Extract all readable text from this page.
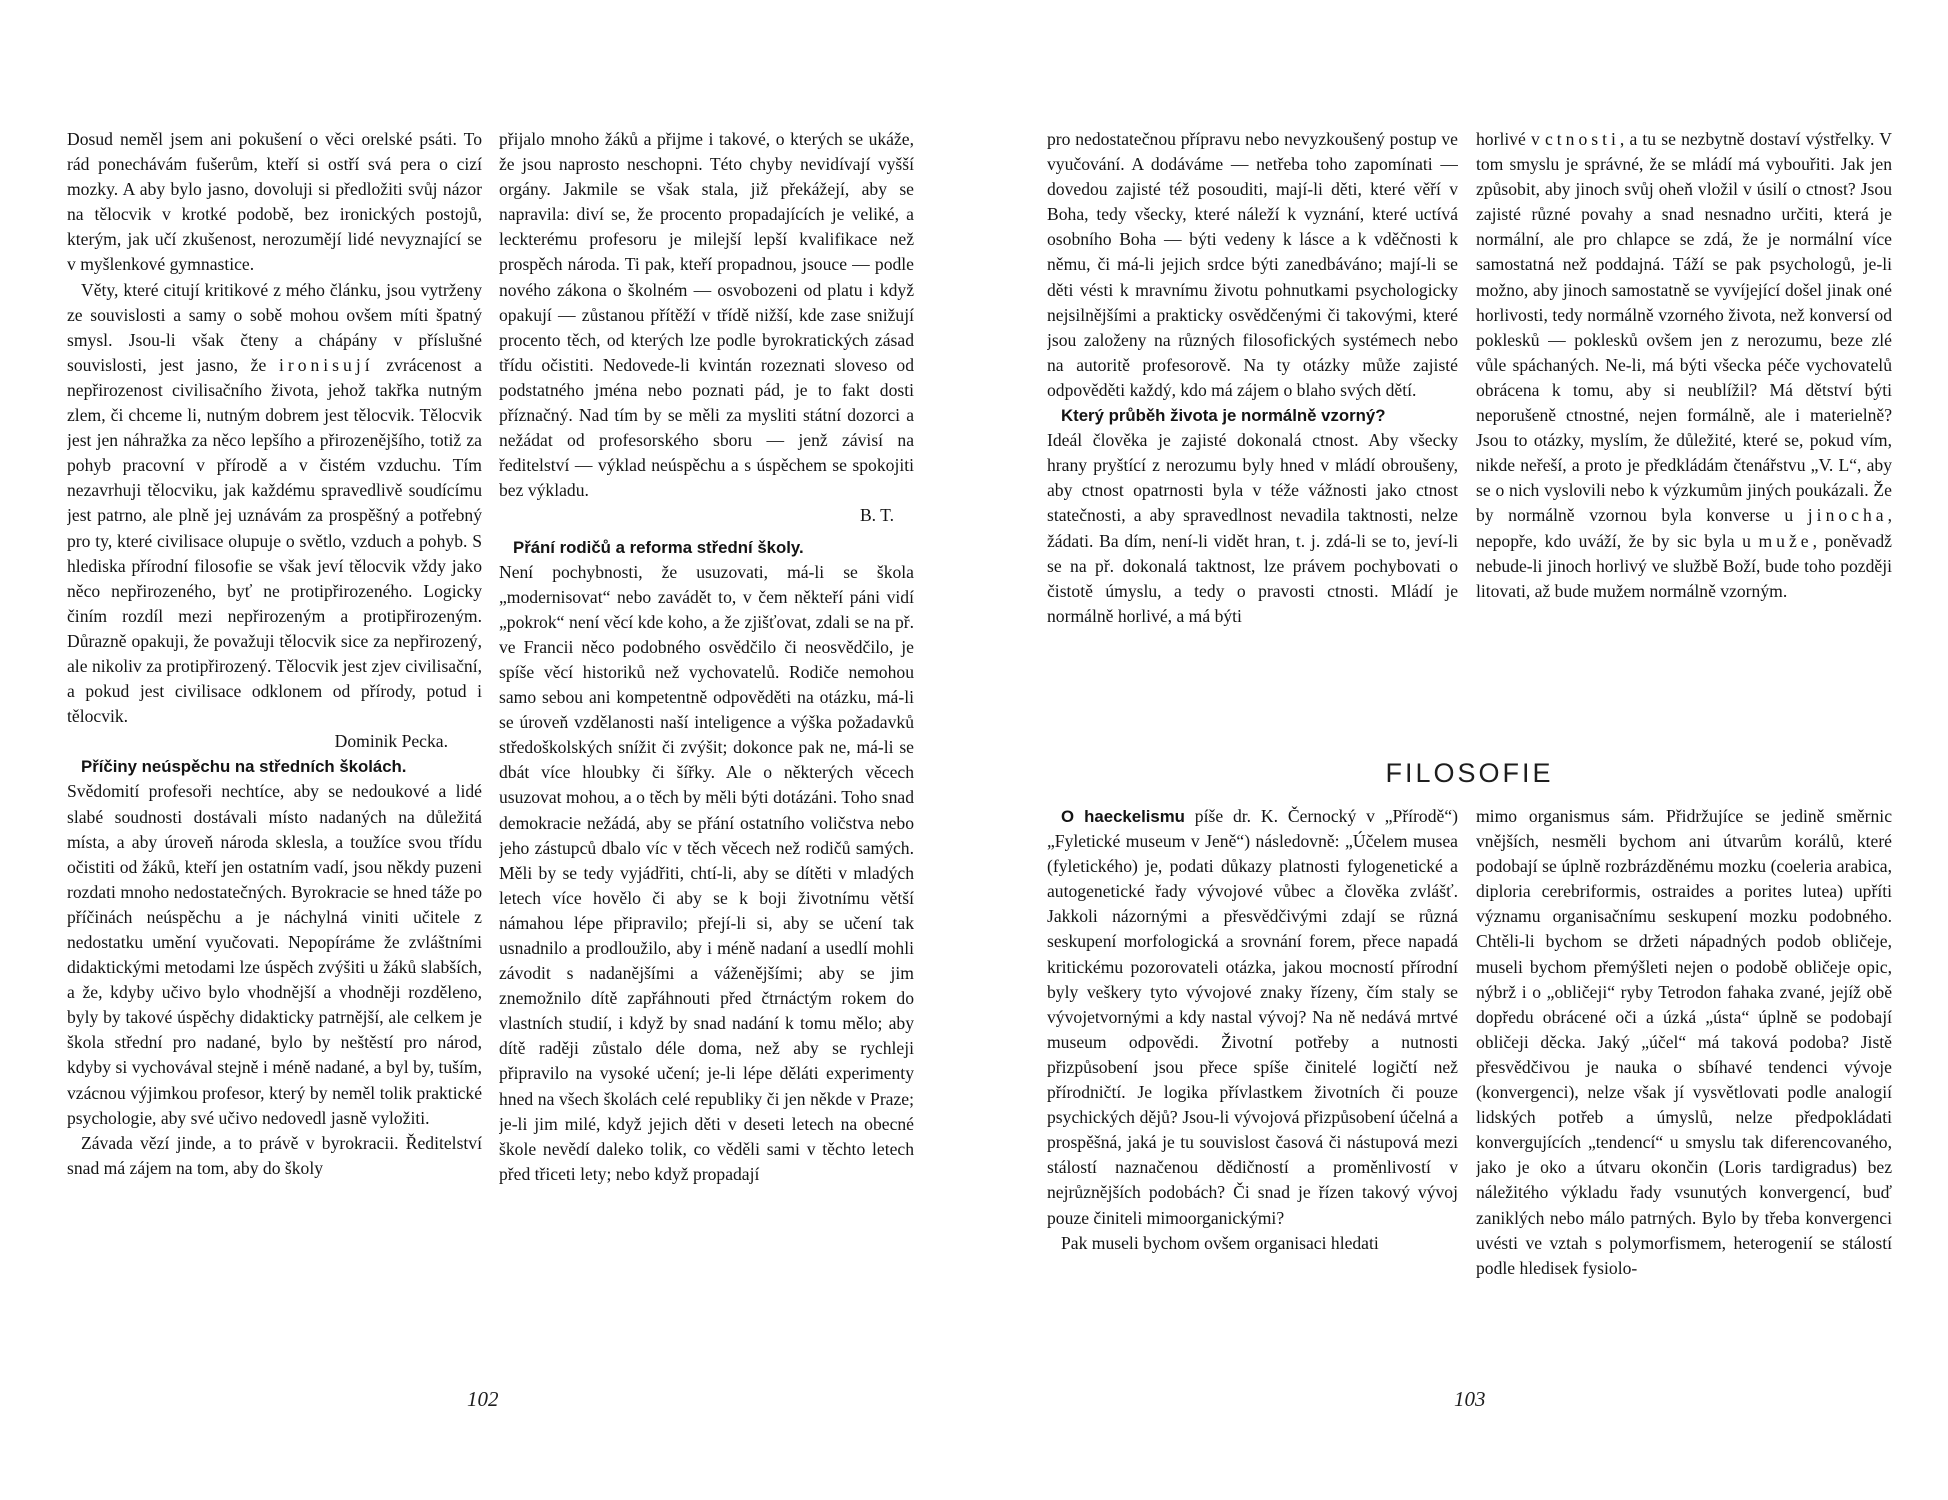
Dosud neměl jsem ani pokušení o věci orelské psáti. To rád ponechávám fušerům, kteří si ostří svá pera o cizí mozky. A aby bylo jasno, dovoluji si předložiti svůj názor na tělocvik v krotké podobě, bez ironických postojů, kterým, jak učí zkušenost, nerozumějí lidé nevyznající se v myšlenkové gymnastice.

Věty, které citují kritikové z mého článku, jsou vytrženy ze souvislosti a samy o sobě mohou ovšem míti špatný smysl. Jsou-li však čteny a chápány v příslušné souvislosti, jest jasno, že ironisují zvrácenost a nepřirozenost civilisačního života, jehož takřka nutným zlem, či chceme li, nutným dobrem jest tělocvik. Tělocvik jest jen náhražka za něco lepšího a přirozenějšího, totiž za pohyb pracovní v přírodě a v čistém vzduchu. Tím nezavrhuji tělocviku, jak každému spravedlivě soudícímu jest patrno, ale plně jej uznávám za prospěšný a potřebný pro ty, které civilisace olupuje o světlo, vzduch a pohyb. S hlediska přírodní filosofie se však jeví tělocvik vždy jako něco nepřirozeného, byť ne protipřirozeného. Logicky činím rozdíl mezi nepřirozeným a protipřirozeným. Důrazně opakuji, že považuji tělocvik sice za nepřirozený, ale nikoliv za protipřirozený. Tělocvik jest zjev civilisační, a pokud jest civilisace odklonem od přírody, potud i tělocvik.

Dominik Pecka.

Příčiny neúspěchu na středních školách.

Svědomití profesoři nechtíce, aby se nedoukové a lidé slabé soudnosti dostávali místo nadaných na důležitá místa, a aby úroveň národa sklesla, a toužíce svou třídu očistiti od žáků, kteří jen ostatním vadí, jsou někdy puzeni rozdati mnoho nedostatečných. Byrokracie se hned táže po příčinách neúspěchu a je náchylná viniti učitele z nedostatku umění vyučovati. Nepopíráme že zvláštními didaktickými metodami lze úspěch zvýšiti u žáků slabších, a že, kdyby učivo bylo vhodnější a vhodněji rozděleno, byly by takové úspěchy didakticky patrnější, ale celkem je škola střední pro nadané, bylo by neštěstí pro národ, kdyby si vychovával stejně i méně nadané, a byl by, tuším, vzácnou výjimkou profesor, který by neměl tolik praktické psychologie, aby své učivo nedovedl jasně vyložiti.

Závada vězí jinde, a to právě v byrokracii. Ředitelství snad má zájem na tom, aby do školy

přijalo mnoho žáků a přijme i takové, o kterých se ukáže, že jsou naprosto neschopni. Této chyby nevidívají vyšší orgány. Jakmile se však stala, již překážejí, aby se napravila: diví se, že procento propadajících je veliké, a leckterému profesoru je milejší lepší kvalifikace než prospěch národa. Ti pak, kteří propadnou, jsouce — podle nového zákona o školném — osvobozeni od platu i když opakují — zůstanou přítěží v třídě nižší, kde zase snižují procento těch, od kterých lze podle byrokratických zásad třídu očistiti. Nedovede-li kvintán rozeznati sloveso od podstatného jména nebo poznati pád, je to fakt dosti příznačný. Nad tím by se měli za mysliti státní dozorci a nežádat od profesorského sboru — jenž závisí na ředitelství — výklad neúspěchu a s úspěchem se spokojiti bez výkladu.

B. T.

Přání rodičů a reforma střední školy.

Není pochybnosti, že usuzovati, má-li se škola „modernisovat“ nebo zavádět to, v čem někteří páni vidí „pokrok“ není věcí kde koho, a že zjišťovat, zdali se na př. ve Francii něco podobného osvědčilo či neosvědčilo, je spíše věcí historiků než vychovatelů. Rodiče nemohou samo sebou ani kompetentně odpověděti na otázku, má-li se úroveň vzdělanosti naší inteligence a výška požadavků středoškolských snížit či zvýšit; dokonce pak ne, má-li se dbát více hloubky či šířky. Ale o některých věcech usuzovat mohou, a o těch by měli býti dotázáni. Toho snad demokracie nežádá, aby se přání ostatního voličstva nebo jeho zástupců dbalo víc v těch věcech než rodičů samých. Měli by se tedy vyjádřiti, chtí-li, aby se dítěti v mladých letech více hovělo či aby se k boji životnímu větší námahou lépe připravilo; přejí-li si, aby se učení tak usnadnilo a prodloužilo, aby i méně nadaní a usedlí mohli závodit s nadanějšími a váženějšími; aby se jim znemožnilo dítě zapřáhnouti před čtrnáctým rokem do vlastních studií, i když by snad nadání k tomu mělo; aby dítě raději zůstalo déle doma, než aby se rychleji připravilo na vysoké učení; je-li lépe děláti experimenty hned na všech školách celé republiky či jen někde v Praze; je-li jim milé, když jejich děti v deseti letech na obecné škole nevědí daleko tolik, co věděli sami v těchto letech před třiceti lety; nebo když propadají

102

pro nedostatečnou přípravu nebo nevyzkoušený postup ve vyučování. A dodáváme — netřeba toho zapomínati — dovedou zajisté též posouditi, mají-li děti, které věří v Boha, tedy všecky, které náleží k vyznání, které uctívá osobního Boha — býti vedeny k lásce a k vděčnosti k němu, či má-li jejich srdce býti zanedbáváno; mají-li se děti vésti k mravnímu životu pohnutkami psychologicky nejsilnějšími a prakticky osvědčenými či takovými, které jsou založeny na různých filosofických systémech nebo na autoritě profesorově. Na ty otázky může zajisté odpověděti každý, kdo má zájem o blaho svých dětí.

Který průběh života je normálně vzorný?

Ideál člověka je zajisté dokonalá ctnost. Aby všecky hrany pryštící z nerozumu byly hned v mládí obroušeny, aby ctnost opatrnosti byla v téže vážnosti jako ctnost statečnosti, a aby spravedlnost nevadila taktnosti, nelze žádati. Ba dím, není-li vidět hran, t. j. zdá-li se to, jeví-li se na př. dokonalá taktnost, lze právem pochybovati o čistotě úmyslu, a tedy o pravosti ctnosti. Mládí je normálně horlivé, a má býti

horlivé v ctnosti, a tu se nezbytně dostaví výstřelky. V tom smyslu je správné, že se mládí má vybouřiti. Jak jen způsobit, aby jinoch svůj oheň vložil v úsilí o ctnost? Jsou zajisté různé povahy a snad nesnadno určiti, která je normální, ale pro chlapce se zdá, že je normální více samostatná než poddajná. Táží se pak psychologů, je-li možno, aby jinoch samostatně se vyvíjející došel jinak oné horlivosti, tedy normálně vzorného života, než konversí od poklesků — poklesků ovšem jen z nerozumu, beze zlé vůle spáchaných. Ne-li, má býti všecka péče vychovatelů obrácena k tomu, aby si neublížil? Má dětství býti neporušeně ctnostné, nejen formálně, ale i materielně? Jsou to otázky, myslím, že důležité, které se, pokud vím, nikde neřeší, a proto je předkládám čtenářstvu „V. L“, aby se o nich vyslovili nebo k výzkumům jiných poukázali. Že by normálně vzornou byla konverse u jinocha, nepopře, kdo uváží, že by sic byla u muže, poněvadž nebude-li jinoch horlivý ve službě Boží, bude toho později litovati, až bude mužem normálně vzorným.

FILOSOFIE

O haeckelismu píše dr. K. Černocký v „Přírodě“) „Fyletické museum v Jeně“) následovně: „Účelem musea (fyletického) je, podati důkazy platnosti fylogenetické a autogenetické řady vývojové vůbec a člověka zvlášť. Jakkoli názornými a přesvědčivými zdají se různá seskupení morfologická a srovnání forem, přece napadá kritickému pozorovateli otázka, jakou mocností přírodní byly veškery tyto vývojové znaky řízeny, čím staly se vývojetvornými a kdy nastal vývoj? Na ně nedává mrtvé museum odpovědi. Životní potřeby a nutnosti přizpůsobení jsou přece spíše činitelé logičtí než přírodničtí. Je logika přívlastkem životních či pouze psychických dějů? Jsou-li vývojová přizpůsobení účelná a prospěšná, jaká je tu souvislost časová či nástupová mezi stálostí naznačenou dědičností a proměnlivostí v nejrůznějších podobách? Či snad je řízen takový vývoj pouze činiteli mimoorganickými?

Pak museli bychom ovšem organisaci hledati

mimo organismus sám. Přidržujíce se jedině směrnic vnějších, nesměli bychom ani útvarům korálů, které podobají se úplně rozbrázděnému mozku (coeleria arabica, diploria cerebriformis, ostraides a porites lutea) upříti významu organisačnímu seskupení mozku podobného. Chtěli-li bychom se držeti nápadných podob obličeje, museli bychom přemýšleti nejen o podobě obličeje opic, nýbrž i o „obličeji“ ryby Tetrodon fahaka zvané, jejíž obě dopředu obrácené oči a úzká „ústa“ úplně se podobají obličeji děcka. Jaký „účel“ má taková podoba? Jistě přesvědčivou je nauka o sbíhavé tendenci vývoje (konvergenci), nelze však jí vysvětlovati podle analogií lidských potřeb a úmyslů, nelze předpokládati konvergujících „tendencí“ u smyslu tak diferencovaného, jako je oko a útvaru okončin (Loris tardigradus) bez náležitého výkladu řady vsunutých konvergencí, buď zaniklých nebo málo patrných. Bylo by třeba konvergenci uvésti ve vztah s polymorfismem, heterogenií se stálostí podle hledisek fysiolo-

103
